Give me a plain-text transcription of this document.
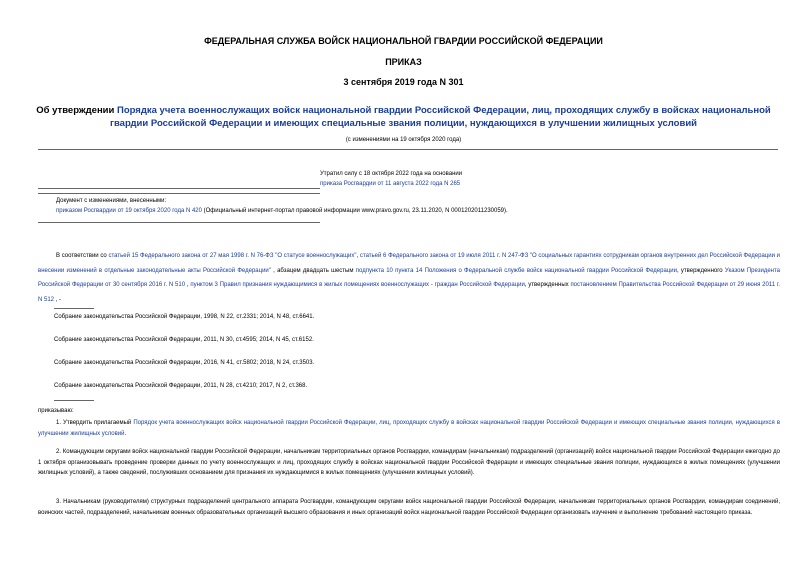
ФЕДЕРАЛЬНАЯ СЛУЖБА ВОЙСК НАЦИОНАЛЬНОЙ ГВАРДИИ РОССИЙСКОЙ ФЕДЕРАЦИИ
ПРИКАЗ
3 сентября 2019 года N 301
Об утверждении Порядка учета военнослужащих войск национальной гвардии Российской Федерации, лиц, проходящих службу в войсках национальной гвардии Российской Федерации и имеющих специальные звания полиции, нуждающихся в улучшении жилищных условий
(с изменениями на 19 октября 2020 года)
Утратил силу с 18 октября 2022 года на основании
приказа Росгвардии от 11 августа 2022 года N 265
Документ с изменениями, внесенными:
приказом Росгвардии от 19 октября 2020 года N 420 (Официальный интернет-портал правовой информации www.pravo.gov.ru, 23.11.2020, N 0001202011230059).
В соответствии со статьей 15 Федерального закона от 27 мая 1998 г. N 76-ФЗ "О статусе военнослужащих", статьей 6 Федерального закона от 19 июля 2011 г. N 247-ФЗ "О социальных гарантиях сотрудникам органов внутренних дел Российской Федерации и внесении изменений в отдельные законодательные акты Российской Федерации" , абзацем двадцать шестым подпункта 10 пункта 14 Положения о Федеральной службе войск национальной гвардии Российской Федерации, утвержденного Указом Президента Российской Федерации от 30 сентября 2016 г. N 510 , пунктом 3 Правил признания нуждающимися в жилых помещениях военнослужащих - граждан Российской Федерации, утвержденных постановлением Правительства Российской Федерации от 29 июня 2011 г. N 512 , -
Собрание законодательства Российской Федерации, 1998, N 22, ст.2331; 2014, N 48, ст.6641.
Собрание законодательства Российской Федерации, 2011, N 30, ст.4595; 2014, N 45, ст.6152.
Собрание законодательства Российской Федерации, 2016, N 41, ст.5802; 2018, N 24, ст.3503.
Собрание законодательства Российской Федерации, 2011, N 28, ст.4210; 2017, N 2, ст.368.
приказываю:
1. Утвердить прилагаемый Порядок учета военнослужащих войск национальной гвардии Российской Федерации, лиц, проходящих службу в войсках национальной гвардии Российской Федерации и имеющих специальные звания полиции, нуждающихся в улучшении жилищных условий.
2. Командующим округами войск национальной гвардии Российской Федерации, начальникам территориальных органов Росгвардии, командирам (начальникам) подразделений (организаций) войск национальной гвардии Российской Федерации ежегодно до 1 октября организовывать проведение проверки данных по учету военнослужащих и лиц, проходящих службу в войсках национальной гвардии Российской Федерации и имеющих специальные звания полиции, нуждающихся в жилых помещениях (улучшении жилищных условий), а также сведений, послуживших основанием для признания их нуждающимися в жилых помещениях (улучшении жилищных условий).
3. Начальникам (руководителям) структурных подразделений центрального аппарата Росгвардии, командующим округами войск национальной гвардии Российской Федерации, начальникам территориальных органов Росгвардии, командирам соединений, воинских частей, подразделений, начальникам военных образовательных организаций высшего образования и иных организаций войск национальной гвардии Российской Федерации организовать изучение и выполнение требований настоящего приказа.
